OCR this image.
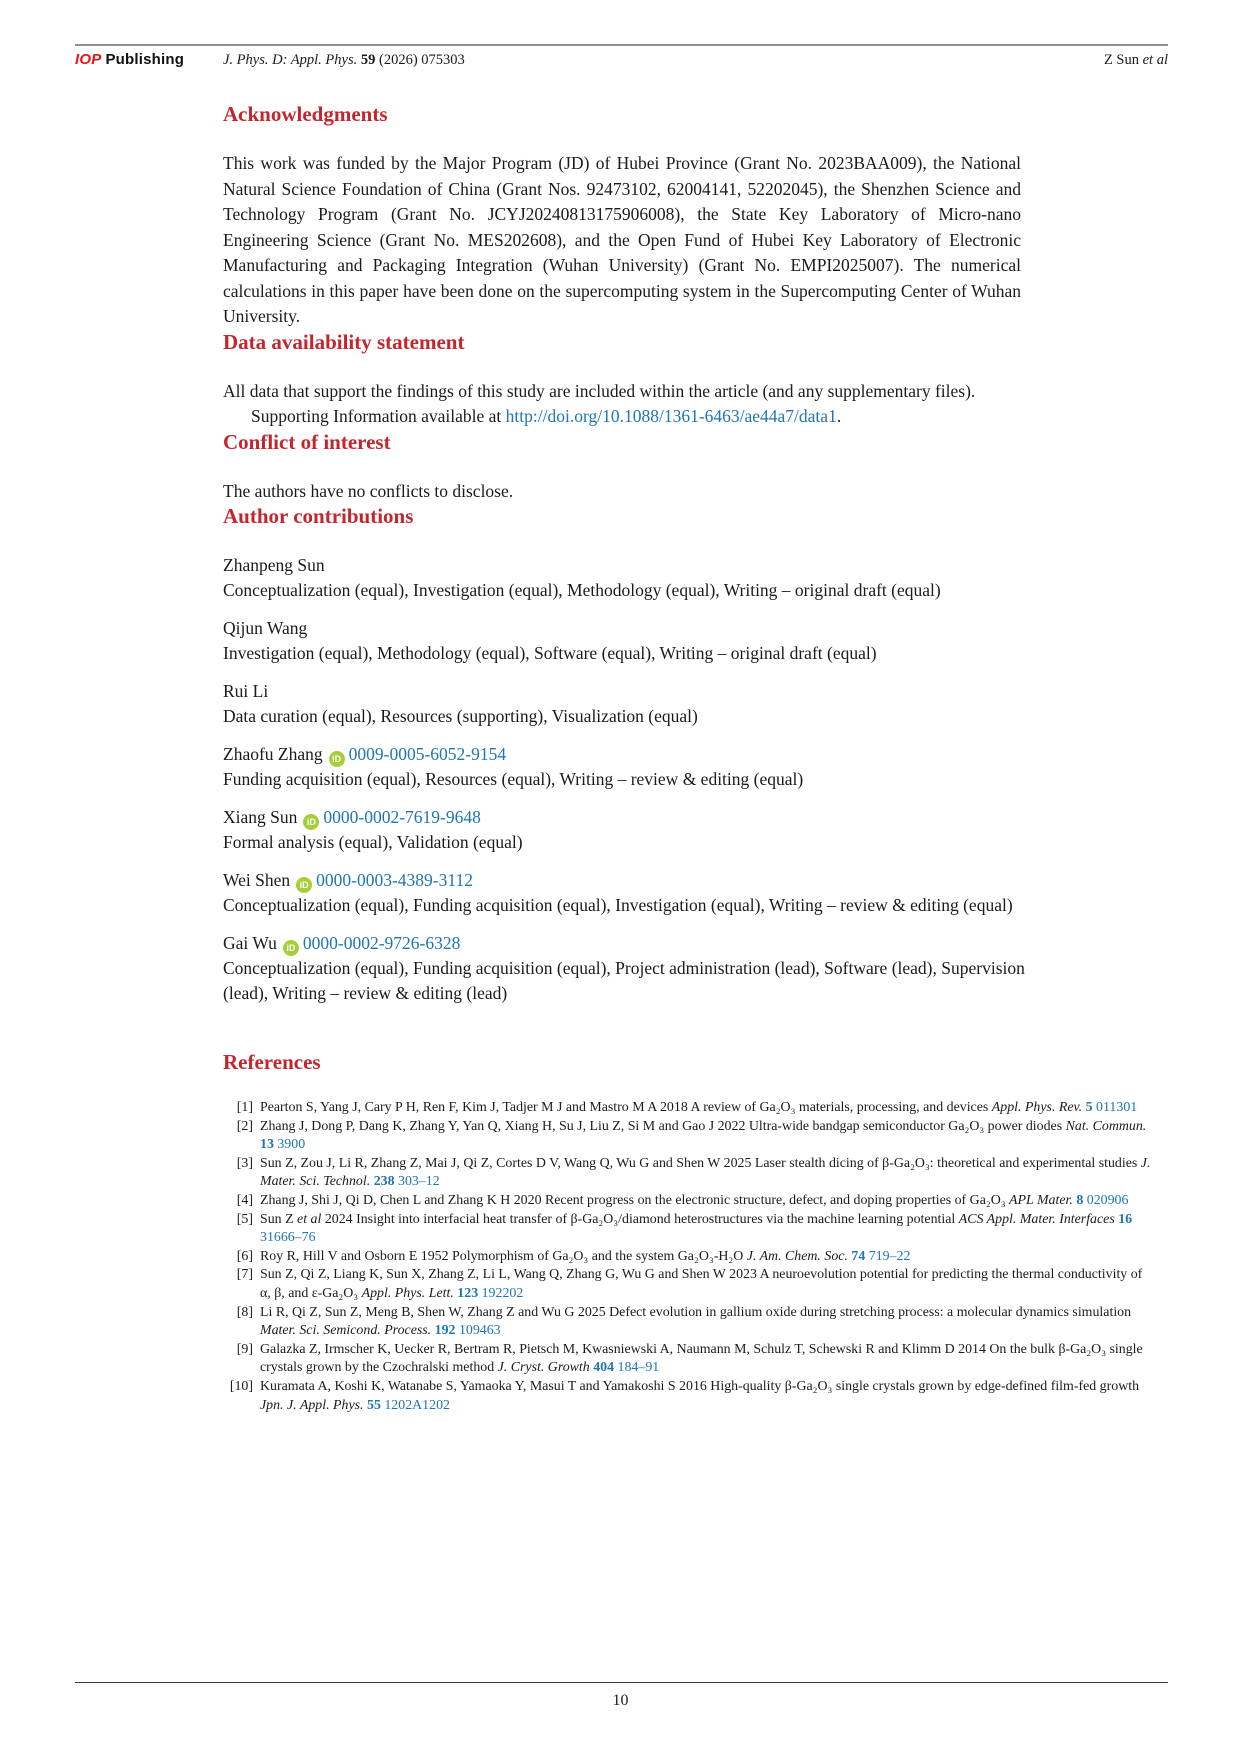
IOP Publishing	J. Phys. D: Appl. Phys. 59 (2026) 075303	Z Sun et al
Acknowledgments

This work was funded by the Major Program (JD) of Hubei Province (Grant No. 2023BAA009), the National Natural Science Foundation of China (Grant Nos. 92473102, 62004141, 52202045), the Shenzhen Science and Technology Program (Grant No. JCYJ20240813175906008), the State Key Laboratory of Micro-nano Engineering Science (Grant No. MES202608), and the Open Fund of Hubei Key Laboratory of Electronic Manufacturing and Packaging Integration (Wuhan University) (Grant No. EMPI2025007). The numerical calculations in this paper have been done on the supercomputing system in the Supercomputing Center of Wuhan University.

Data availability statement

All data that support the findings of this study are included within the article (and any supplementary files).

Supporting Information available at http://doi.org/10.1088/1361-6463/ae44a7/data1.

Conflict of interest

The authors have no conflicts to disclose.

Author contributions
Zhanpeng Sun
Conceptualization (equal), Investigation (equal), Methodology (equal), Writing – original draft (equal)
Qijun Wang
Investigation (equal), Methodology (equal), Software (equal), Writing – original draft (equal)
Rui Li
Data curation (equal), Resources (supporting), Visualization (equal)
Zhaofu Zhang iD 0009-0005-6052-9154
Funding acquisition (equal), Resources (equal), Writing – review & editing (equal)
Xiang Sun iD 0000-0002-7619-9648
Formal analysis (equal), Validation (equal)
Wei Shen iD 0000-0003-4389-3112
Conceptualization (equal), Funding acquisition (equal), Investigation (equal), Writing – review & editing (equal)
Gai Wu iD 0000-0002-9726-6328
Conceptualization (equal), Funding acquisition (equal), Project administration (lead), Software (lead), Supervision (lead), Writing – review & editing (lead)
References
[1] Pearton S, Yang J, Cary P H, Ren F, Kim J, Tadjer M J and Mastro M A 2018 A review of Ga₂O₃ materials, processing, and devices Appl. Phys. Rev. 5 011301
[2] Zhang J, Dong P, Dang K, Zhang Y, Yan Q, Xiang H, Su J, Liu Z, Si M and Gao J 2022 Ultra-wide bandgap semiconductor Ga₂O₃ power diodes Nat. Commun. 13 3900
[3] Sun Z, Zou J, Li R, Zhang Z, Mai J, Qi Z, Cortes D V, Wang Q, Wu G and Shen W 2025 Laser stealth dicing of β-Ga₂O₃: theoretical and experimental studies J. Mater. Sci. Technol. 238 303–12
[4] Zhang J, Shi J, Qi D, Chen L and Zhang K H 2020 Recent progress on the electronic structure, defect, and doping properties of Ga₂O₃ APL Mater. 8 020906
[5] Sun Z et al 2024 Insight into interfacial heat transfer of β-Ga₂O₃/diamond heterostructures via the machine learning potential ACS Appl. Mater. Interfaces 16 31666–76
[6] Roy R, Hill V and Osborn E 1952 Polymorphism of Ga₂O₃ and the system Ga₂O₃-H₂O J. Am. Chem. Soc. 74 719–22
[7] Sun Z, Qi Z, Liang K, Sun X, Zhang Z, Li L, Wang Q, Zhang G, Wu G and Shen W 2023 A neuroevolution potential for predicting the thermal conductivity of α, β, and ε-Ga₂O₃ Appl. Phys. Lett. 123 192202
[8] Li R, Qi Z, Sun Z, Meng B, Shen W, Zhang Z and Wu G 2025 Defect evolution in gallium oxide during stretching process: a molecular dynamics simulation Mater. Sci. Semicond. Process. 192 109463
[9] Galazka Z, Irmscher K, Uecker R, Bertram R, Pietsch M, Kwasniewski A, Naumann M, Schulz T, Schewski R and Klimm D 2014 On the bulk β-Ga₂O₃ single crystals grown by the Czochralski method J. Cryst. Growth 404 184–91
[10] Kuramata A, Koshi K, Watanabe S, Yamaoka Y, Masui T and Yamakoshi S 2016 High-quality β-Ga₂O₃ single crystals grown by edge-defined film-fed growth Jpn. J. Appl. Phys. 55 1202A1202
10
